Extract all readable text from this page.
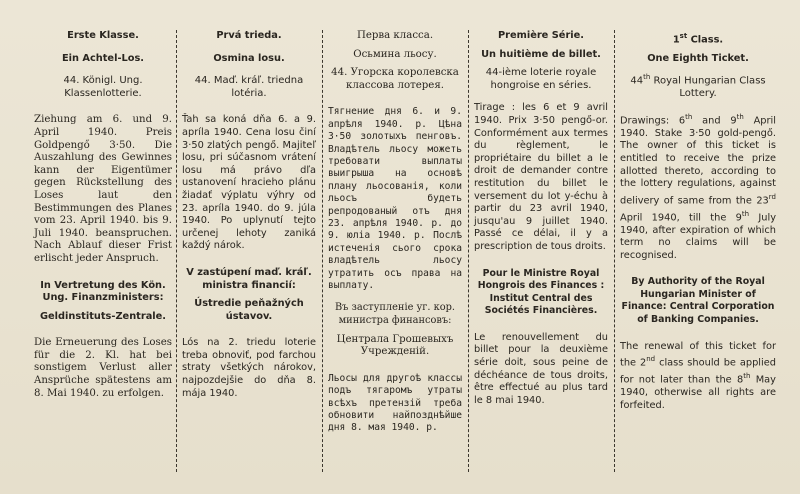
Erste Klasse.

Ein Achtel-Los.

44. Königl. Ung. Klassenlotterie.

Ziehung am 6. und 9. April 1940. Preis Goldpengő 3·50. Die Auszahlung des Gewinnes kann der Eigentümer gegen Rückstellung des Loses laut den Bestimmungen des Planes vom 23. April 1940. bis 9. Juli 1940. beanspruchen. Nach Ablauf dieser Frist erlischt jeder Anspruch.

In Vertretung des Kön. Ung. Finanzministers:

Geldinstituts-Zentrale.

Die Erneuerung des Loses für die 2. Kl. hat bei sonstigem Verlust aller Ansprüche spätestens am 8. Mai 1940. zu erfolgen.

Prvá trieda.

Osmina losu.

44. Maď. kráľ. triedna lotéria.

Ťah sa koná dňa 6. a 9. apríla 1940. Cena losu činí 3·50 zlatých pengő. Majiteľ losu, pri súčasnom vrátení losu má právo dľa ustanovení hracieho plánu žiadať výplatu výhry od 23. apríla 1940. do 9. júla 1940. Po uplynutí tejto určenej lehoty zaniká každý nárok.

V zastúpení maď. kráľ. ministra financií:

Ústredie peňažných ústavov.

Lós na 2. triedu loterie treba obnoviť, pod farchou straty všetkých nárokov, najpozdejšie do dňa 8. mája 1940.

Перва класса.

Осьмина льосу.

44. Угорска королевска классова лотерея.

Тягнение дня 6. и 9. апрѣля 1940. р. Цѣна 3·50 золотыхъ пенговъ. Владѣтель льосу можеть требовати выплаты выигрыша на основѣ плану льосованія, коли льосъ будеть репродованый отъ дня 23. апрѣля 1940. р. до 9. юліа 1940. р. Послѣ истеченія сього срока владѣтель льосу утратить осъ права на выплату.

Въ заступленіе уг. кор. министра финансовъ:

Централа Грошевыхъ Учрежденій.

Льосы для другоѣ классы подъ тягаромъ утраты всѣхъ претензій треба обновити найпозднѣйше дня 8. мая 1940. р.

Première Série.

Un huitième de billet.

44-ième loterie royale hongroise en séries.

Tirage : les 6 et 9 avril 1940. Prix 3·50 pengő-or. Conformément aux termes du règlement, le propriétaire du billet a le droit de demander contre restitution du billet le versement du lot y-échu à partir du 23 avril 1940, jusqu'au 9 juillet 1940. Passé ce délai, il y a prescription de tous droits.

Pour le Ministre Royal Hongrois des Finances : Institut Central des Sociétés Financières.

Le renouvellement du billet pour la deuxième série doit, sous peine de déchéance de tous droits, être effectué au plus tard le 8 mai 1940.

1st Class.

One Eighth Ticket.

44th Royal Hungarian Class Lottery.

Drawings: 6th and 9th April 1940. Stake 3·50 gold-pengő. The owner of this ticket is entitled to receive the prize allotted thereto, according to the lottery regulations, against delivery of same from the 23rd April 1940, till the 9th July 1940, after expiration of which term no claims will be recognised.

By Authority of the Royal Hungarian Minister of Finance: Central Corporation of Banking Companies.

The renewal of this ticket for the 2nd class should be applied for not later than the 8th May 1940, otherwise all rights are forfeited.
